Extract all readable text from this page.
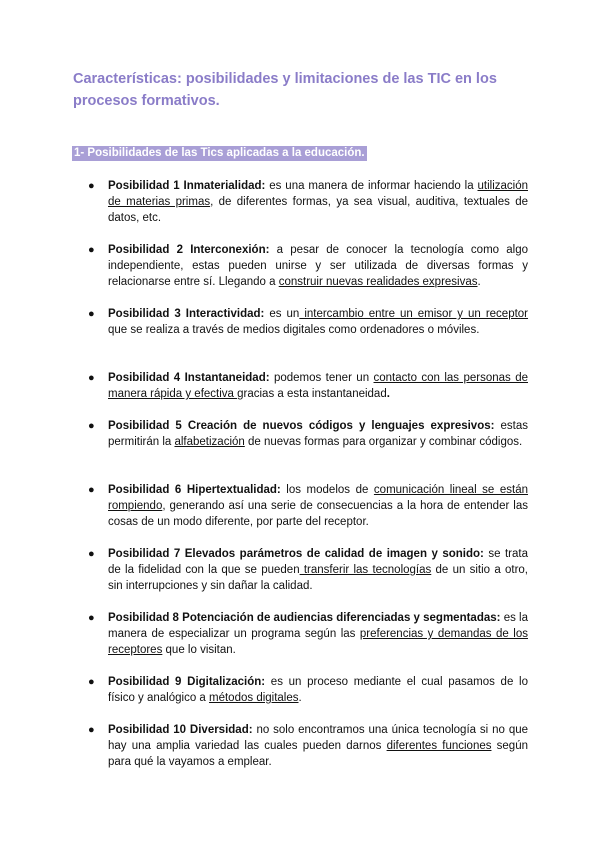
Características: posibilidades y limitaciones de las TIC en los procesos formativos.
1- Posibilidades de las Tics aplicadas a la educación.
● Posibilidad 1 Inmaterialidad: es una manera de informar haciendo la utilización de materias primas, de diferentes formas, ya sea visual, auditiva, textuales de datos, etc.
● Posibilidad 2 Interconexión: a pesar de conocer la tecnología como algo independiente, estas pueden unirse y ser utilizada de diversas formas y relacionarse entre sí. Llegando a construir nuevas realidades expresivas.
● Posibilidad 3 Interactividad: es un intercambio entre un emisor y un receptor que se realiza a través de medios digitales como ordenadores o móviles.
● Posibilidad 4 Instantaneidad: podemos tener un contacto con las personas de manera rápida y efectiva gracias a esta instantaneidad.
● Posibilidad 5 Creación de nuevos códigos y lenguajes expresivos: estas permitirán la alfabetización de nuevas formas para organizar y combinar códigos.
● Posibilidad 6 Hipertextualidad: los modelos de comunicación lineal se están rompiendo, generando así una serie de consecuencias a la hora de entender las cosas de un modo diferente, por parte del receptor.
● Posibilidad 7 Elevados parámetros de calidad de imagen y sonido: se trata de la fidelidad con la que se pueden transferir las tecnologías de un sitio a otro, sin interrupciones y sin dañar la calidad.
● Posibilidad 8 Potenciación de audiencias diferenciadas y segmentadas: es la manera de especializar un programa según las preferencias y demandas de los receptores que lo visitan.
● Posibilidad 9 Digitalización: es un proceso mediante el cual pasamos de lo físico y analógico a métodos digitales.
● Posibilidad 10 Diversidad: no solo encontramos una única tecnología si no que hay una amplia variedad las cuales pueden darnos diferentes funciones según para qué la vayamos a emplear.
